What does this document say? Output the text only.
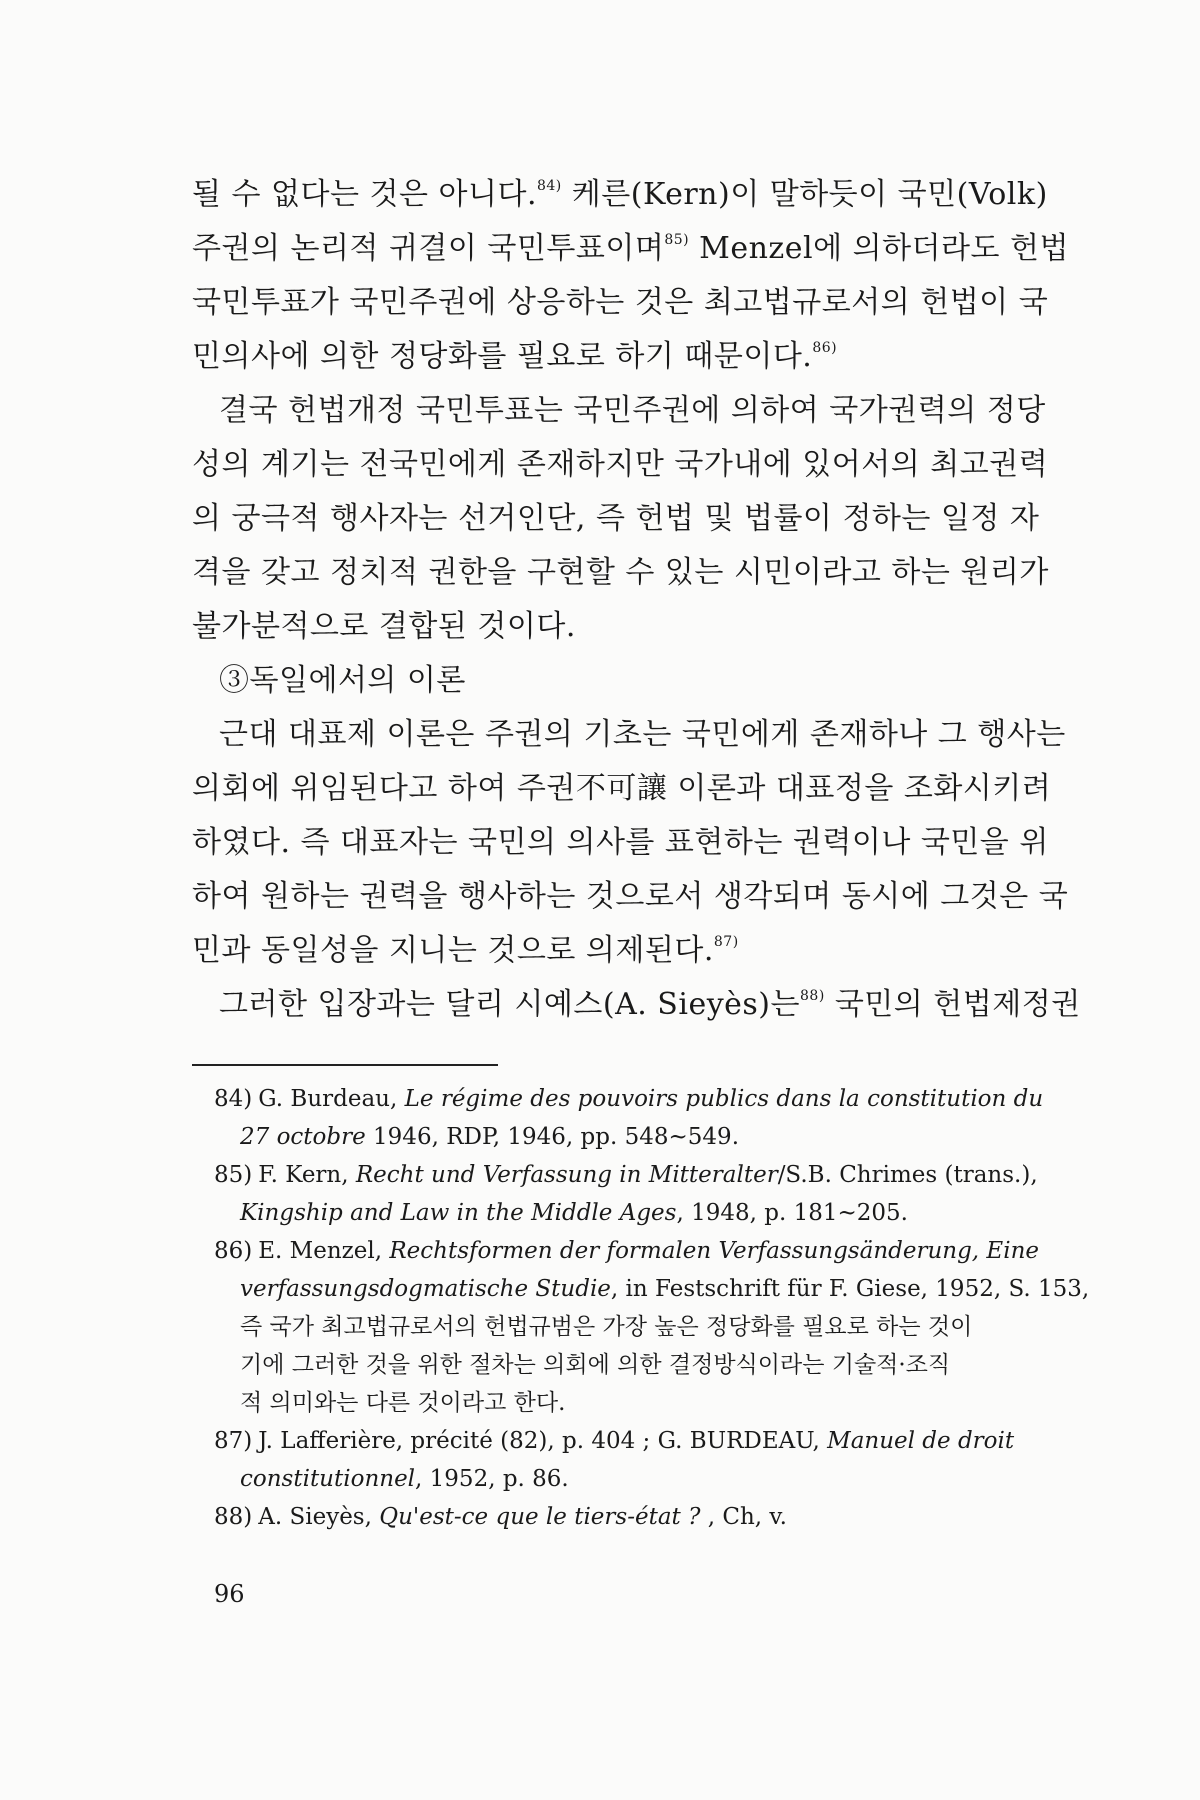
될 수 없다는 것은 아니다.$^{84)}$ 케른(Kern)이 말하듯이 국민(Volk)
주권의 논리적 귀결이 국민투표이며$^{85)}$ Menzel에 의하더라도 헌법
국민투표가 국민주권에 상응하는 것은 최고법규로서의 헌법이 국
민의사에 의한 정당화를 필요로 하기 때문이다.$^{86)}$
결국 헌법개정 국민투표는 국민주권에 의하여 국가권력의 정당
성의 계기는 전국민에게 존재하지만 국가내에 있어서의 최고권력
의 궁극적 행사자는 선거인단, 즉 헌법 및 법률이 정하는 일정 자
격을 갖고 정치적 권한을 구현할 수 있는 시민이라고 하는 원리가
불가분적으로 결합된 것이다.
③독일에서의 이론
근대 대표제 이론은 주권의 기초는 국민에게 존재하나 그 행사는
의회에 위임된다고 하여 주권不可讓 이론과 대표정을 조화시키려
하였다. 즉 대표자는 국민의 의사를 표현하는 권력이나 국민을 위
하여 원하는 권력을 행사하는 것으로서 생각되며 동시에 그것은 국
민과 동일성을 지니는 것으로 의제된다.$^{87)}$
그러한 입장과는 달리 시예스(A. Sieyès)는$^{88)}$ 국민의 헌법제정권
84) G. Burdeau, Le régime des pouvoirs publics dans la constitution du
27 octobre 1946, RDP, 1946, pp. 548~549.
85) F. Kern, Recht und Verfassung in Mitteralter/S.B. Chrimes (trans.),
Kingship and Law in the Middle Ages, 1948, p. 181~205.
86) E. Menzel, Rechtsformen der formalen Verfassungsänderung, Eine
verfassungsdogmatische Studie, in Festschrift für F. Giese, 1952, S. 153,
즉 국가 최고법규로서의 헌법규범은 가장 높은 정당화를 필요로 하는 것이
기에 그러한 것을 위한 절차는 의회에 의한 결정방식이라는 기술적·조직
적 의미와는 다른 것이라고 한다.
87) J. Lafferière, précité (82), p. 404 ; G. BURDEAU, Manuel de droit
constitutionnel, 1952, p. 86.
88) A. Sieyès, Qu'est-ce que le tiers-état ? , Ch, v.
96
